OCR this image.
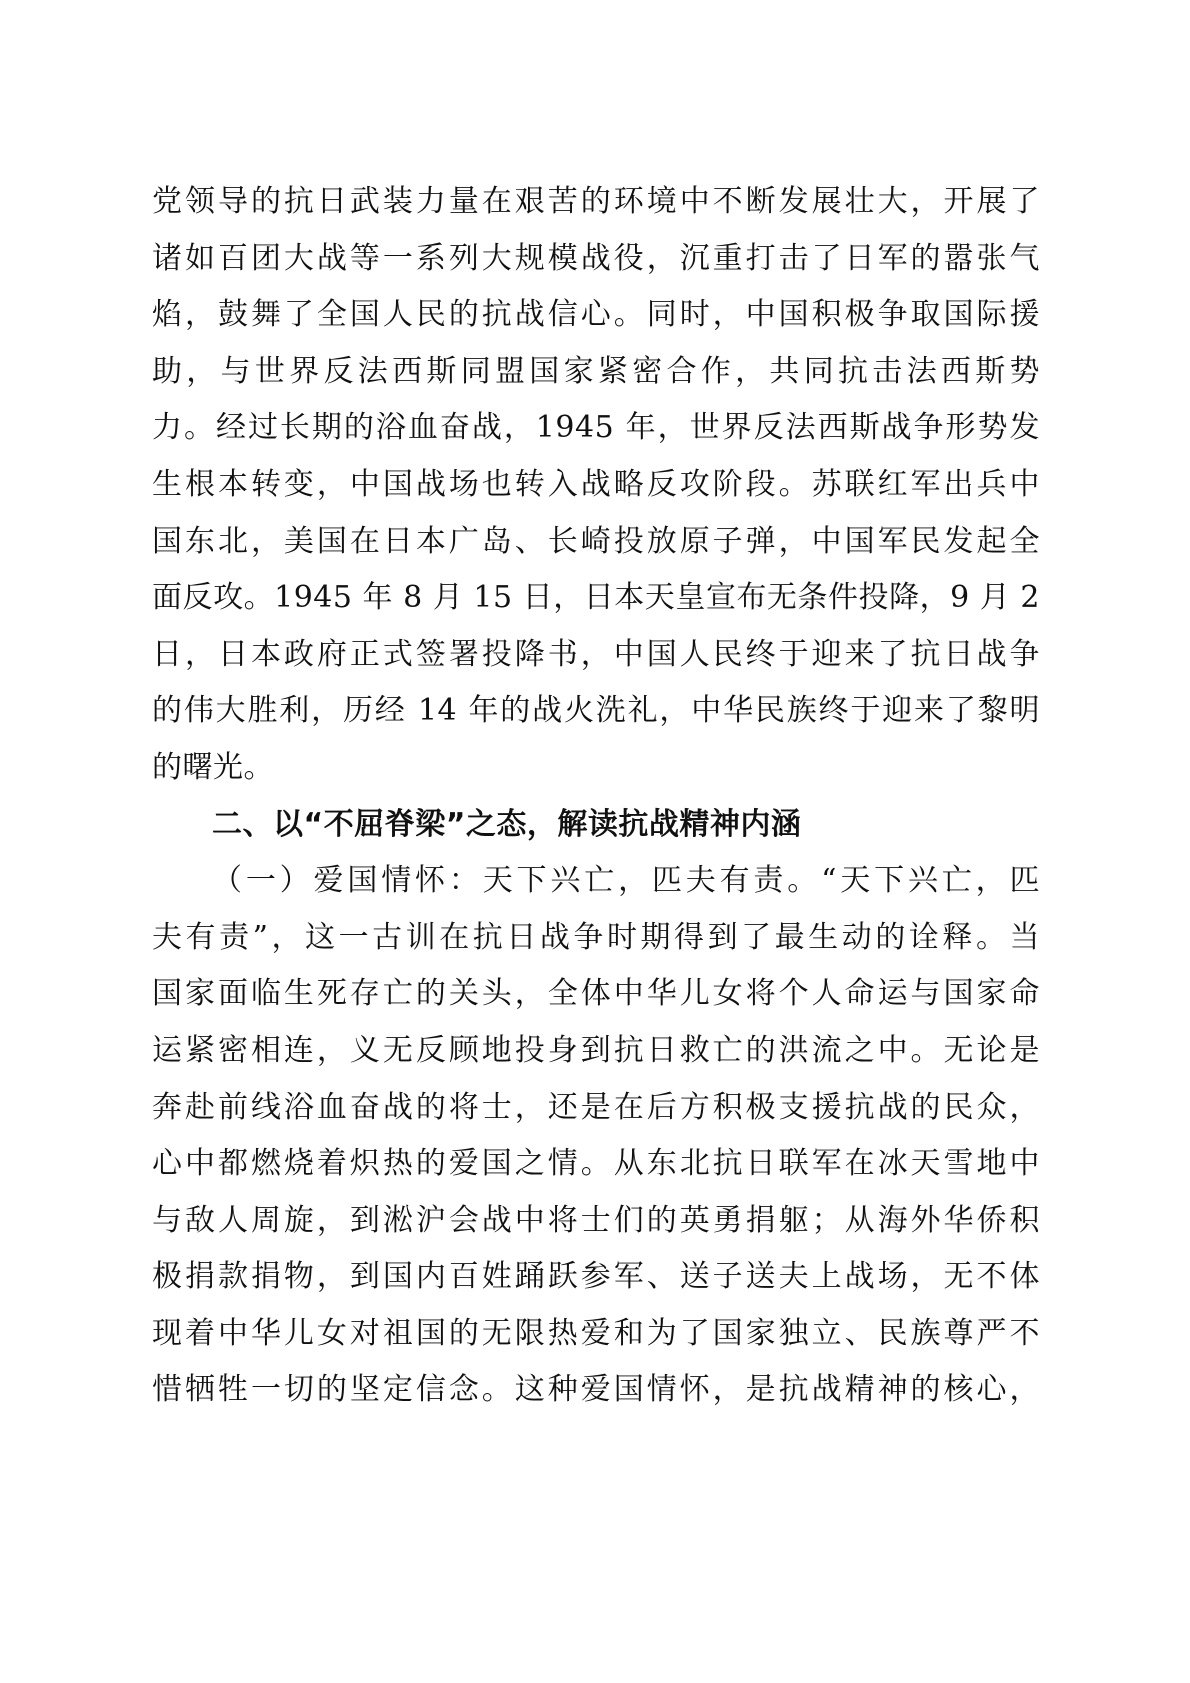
党领导的抗日武装力量在艰苦的环境中不断发展壮大，开展了
诸如百团大战等一系列大规模战役，沉重打击了日军的嚣张气
焰，鼓舞了全国人民的抗战信心。同时，中国积极争取国际援
助，与世界反法西斯同盟国家紧密合作，共同抗击法西斯势
力。经过长期的浴血奋战，1945 年，世界反法西斯战争形势发
生根本转变，中国战场也转入战略反攻阶段。苏联红军出兵中
国东北，美国在日本广岛、长崎投放原子弹，中国军民发起全
面反攻。1945 年 8 月 15 日，日本天皇宣布无条件投降，9 月 2
日，日本政府正式签署投降书，中国人民终于迎来了抗日战争
的伟大胜利，历经 14 年的战火洗礼，中华民族终于迎来了黎明
的曙光。
二、以“不屈脊梁”之态，解读抗战精神内涵
（一）爱国情怀：天下兴亡，匹夫有责。“天下兴亡，匹
夫有责”，这一古训在抗日战争时期得到了最生动的诠释。当
国家面临生死存亡的关头，全体中华儿女将个人命运与国家命
运紧密相连，义无反顾地投身到抗日救亡的洪流之中。无论是
奔赴前线浴血奋战的将士，还是在后方积极支援抗战的民众，
心中都燃烧着炽热的爱国之情。从东北抗日联军在冰天雪地中
与敌人周旋，到淞沪会战中将士们的英勇捐躯；从海外华侨积
极捐款捐物，到国内百姓踊跃参军、送子送夫上战场，无不体
现着中华儿女对祖国的无限热爱和为了国家独立、民族尊严不
惜牺牲一切的坚定信念。这种爱国情怀，是抗战精神的核心，
